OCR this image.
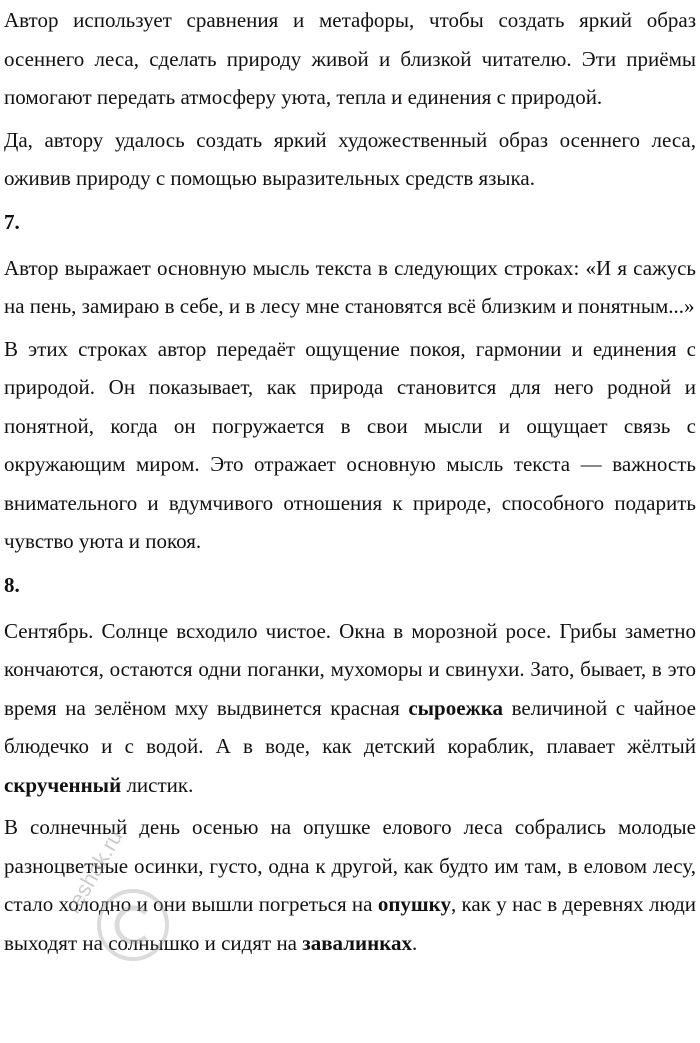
Автор использует сравнения и метафоры, чтобы создать яркий образ осеннего леса, сделать природу живой и близкой читателю. Эти приёмы помогают передать атмосферу уюта, тепла и единения с природой.

Да, автору удалось создать яркий художественный образ осеннего леса, оживив природу с помощью выразительных средств языка.

7.

Автор выражает основную мысль текста в следующих строках: «И я сажусь на пень, замираю в себе, и в лесу мне становятся всё близким и понятным...»

В этих строках автор передаёт ощущение покоя, гармонии и единения с природой. Он показывает, как природа становится для него родной и понятной, когда он погружается в свои мысли и ощущает связь с окружающим миром. Это отражает основную мысль текста — важность внимательного и вдумчивого отношения к природе, способного подарить чувство уюта и покоя.

8.

Сентябрь. Солнце всходило чистое. Окна в морозной росе. Грибы заметно кончаются, остаются одни поганки, мухоморы и свинухи. Зато, бывает, в это время на зелёном мху выдвинется красная сыроежка величиной с чайное блюдечко и с водой. А в воде, как детский кораблик, плавает жёлтый скрученный листик.

В солнечный день осенью на опушке елового леса собрались молодые разноцветные осинки, густо, одна к другой, как будто им там, в еловом лесу, стало холодно и они вышли погреться на опушку, как у нас в деревнях люди выходят на солнышко и сидят на завалинках.

reshak.ru
